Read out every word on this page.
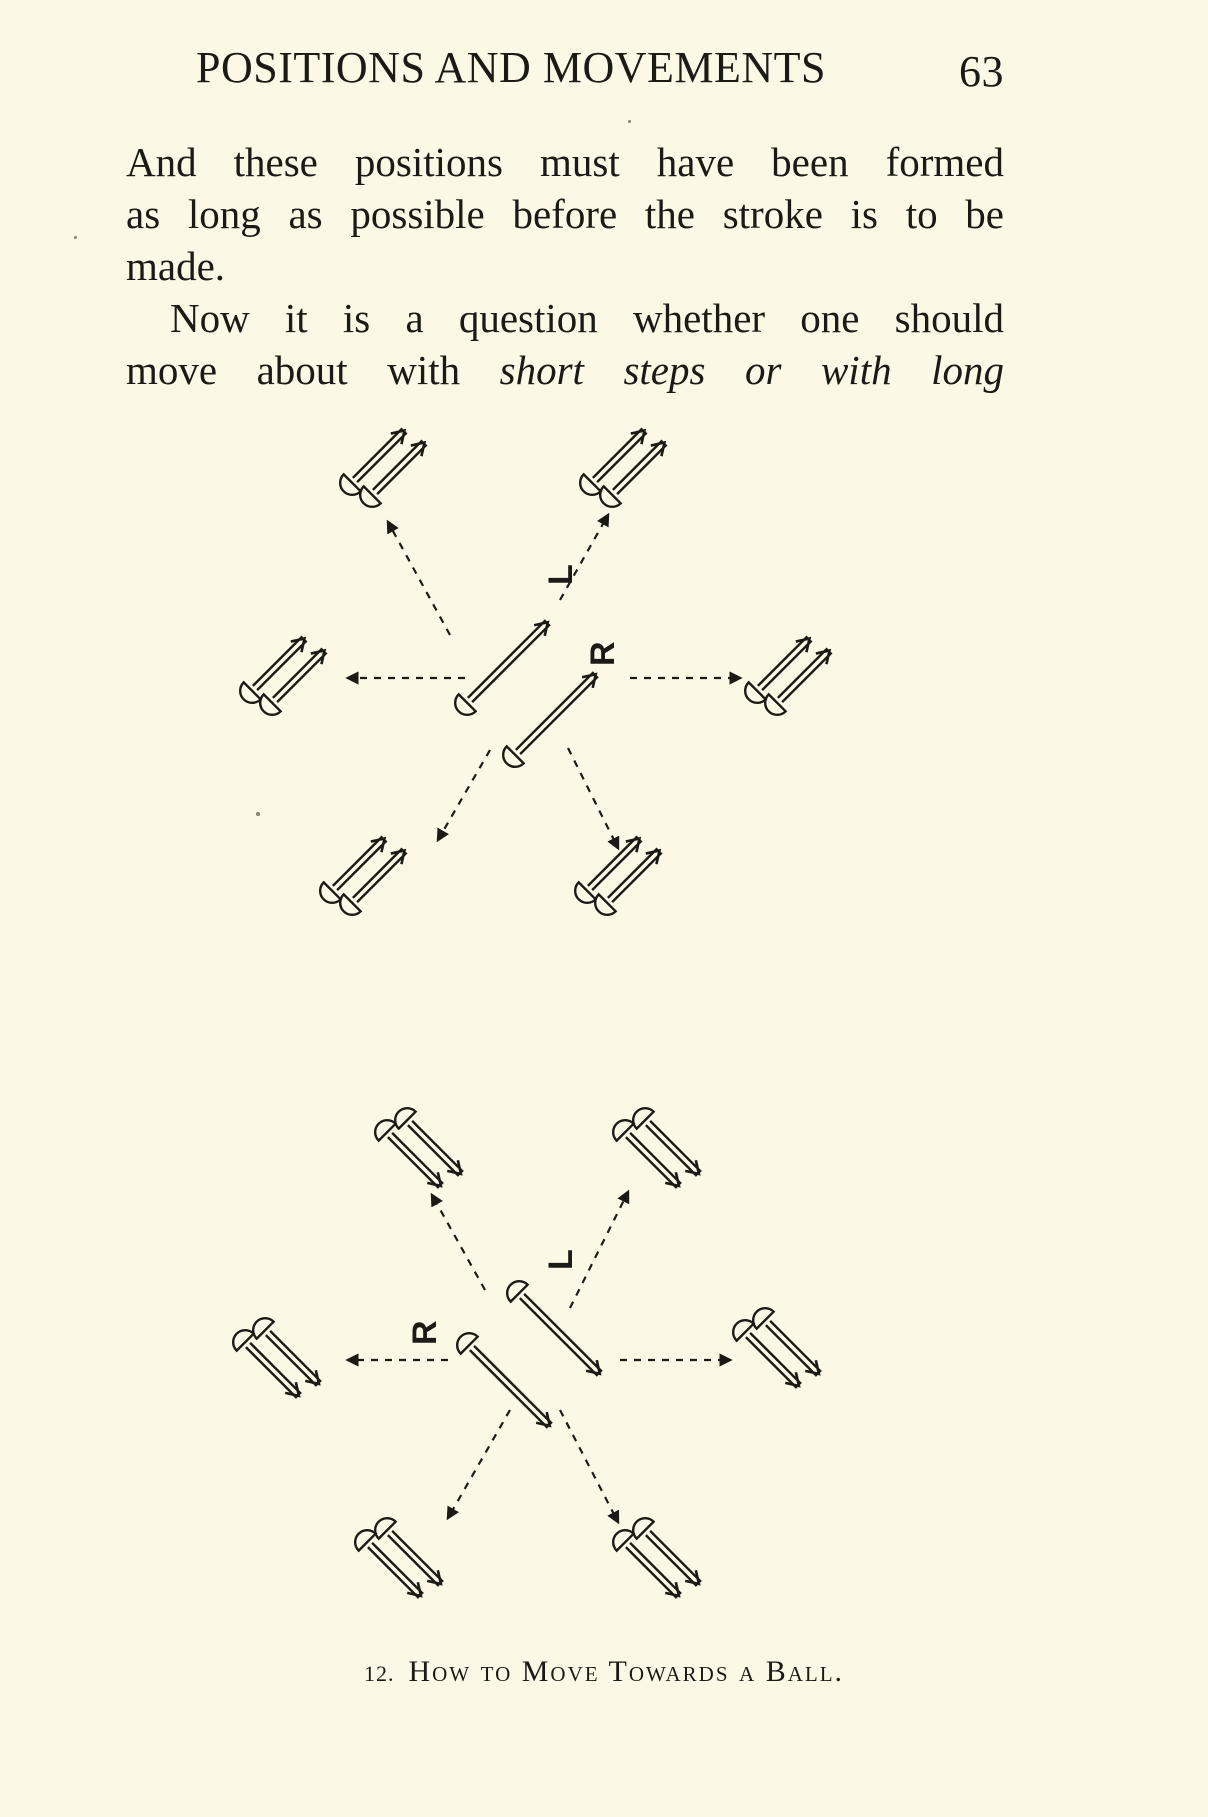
POSITIONS AND MOVEMENTS	63
And these positions must have been formed
as long as possible before the stroke is to be
made.
Now it is a question whether one should
move about with short steps or with long
L
R
L
R
12. How to Move Towards a Ball.
